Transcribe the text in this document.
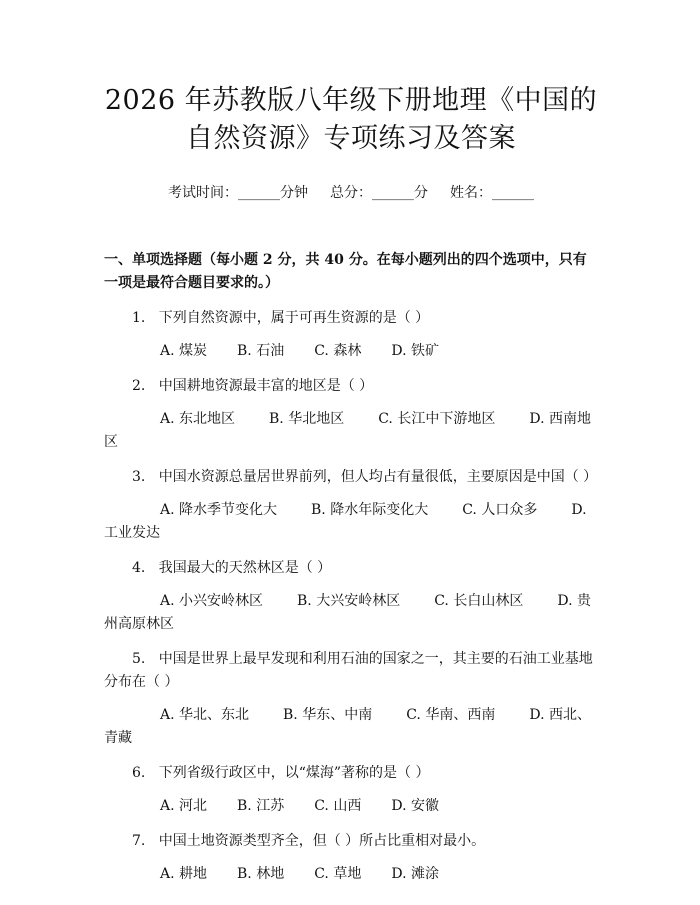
2026 年苏教版八年级下册地理《中国的自然资源》专项练习及答案
考试时间：______分钟 总分：______分 姓名：______
一、单项选择题（每小题 2 分，共 40 分。在每小题列出的四个选项中，只有一项是最符合题目要求的。）
1. 下列自然资源中，属于可再生资源的是（ ）
A. 煤炭 B. 石油 C. 森林 D. 铁矿
2. 中国耕地资源最丰富的地区是（ ）
A. 东北地区 B. 华北地区 C. 长江中下游地区 D. 西南地区
3. 中国水资源总量居世界前列，但人均占有量很低，主要原因是中国（ ）
A. 降水季节变化大 B. 降水年际变化大 C. 人口众多 D. 工业发达
4. 我国最大的天然林区是（ ）
A. 小兴安岭林区 B. 大兴安岭林区 C. 长白山林区 D. 贵州高原林区
5. 中国是世界上最早发现和利用石油的国家之一，其主要的石油工业基地分布在（ ）
A. 华北、东北 B. 华东、中南 C. 华南、西南 D. 西北、青藏
6. 下列省级行政区中，以“煤海”著称的是（ ）
A. 河北 B. 江苏 C. 山西 D. 安徽
7. 中国土地资源类型齐全，但（ ）所占比重相对最小。
A. 耕地 B. 林地 C. 草地 D. 滩涂
